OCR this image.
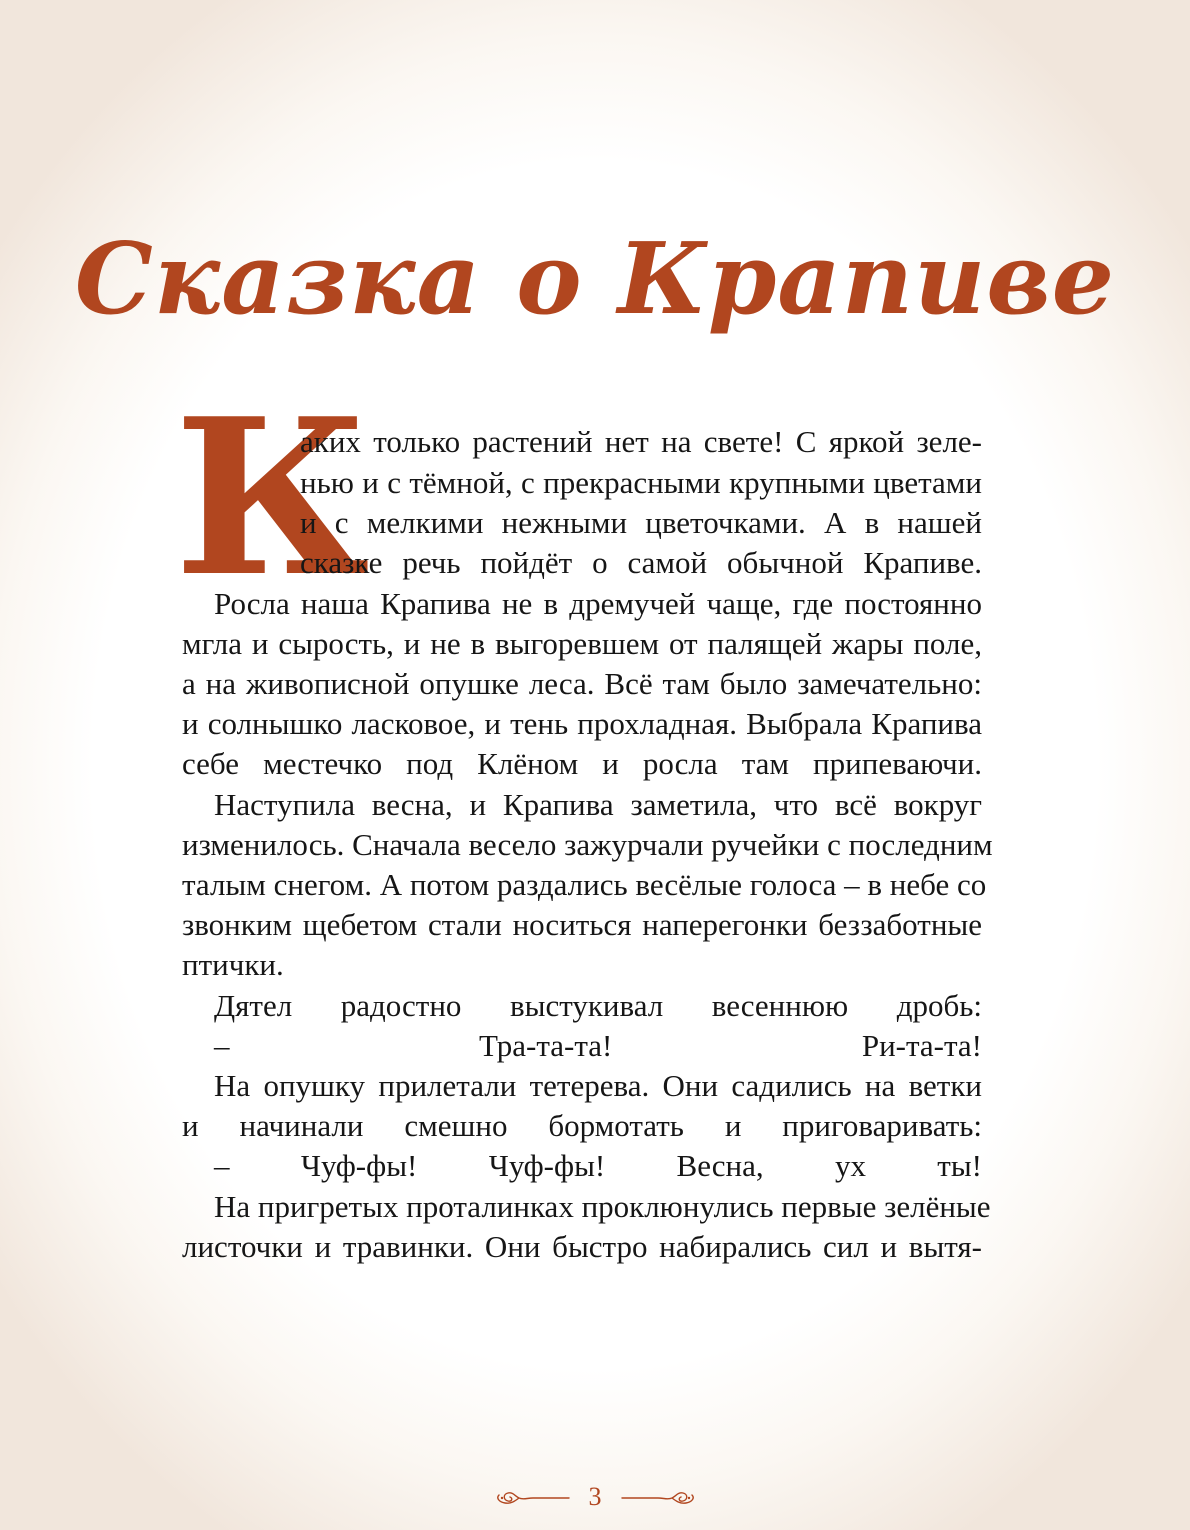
Сказка о Крапиве
К
аких только растений нет на свете! С яркой зеле-
нью и с тёмной, с прекрасными крупными цветами
и с мелкими нежными цветочками. А в нашей
сказке речь пойдёт о самой обычной Крапиве.
Росла наша Крапива не в дремучей чаще, где постоянно
мгла и сырость, и не в выгоревшем от палящей жары поле,
а на живописной опушке леса. Всё там было замечательно:
и солнышко ласковое, и тень прохладная. Выбрала Крапива
себе местечко под Клёном и росла там припеваючи.
Наступила весна, и Крапива заметила, что всё вокруг
изменилось. Сначала весело зажурчали ручейки с последним
талым снегом. А потом раздались весёлые голоса – в небе со
звонким щебетом стали носиться наперегонки беззаботные
птички.
Дятел радостно выстукивал весеннюю дробь:
– Тра-та-та! Ри-та-та!
На опушку прилетали тетерева. Они садились на ветки
и начинали смешно бормотать и приговаривать:
– Чуф-фы! Чуф-фы! Весна, ух ты!
На пригретых проталинках проклюнулись первые зелёные
листочки и травинки. Они быстро набирались сил и вытя-
3
